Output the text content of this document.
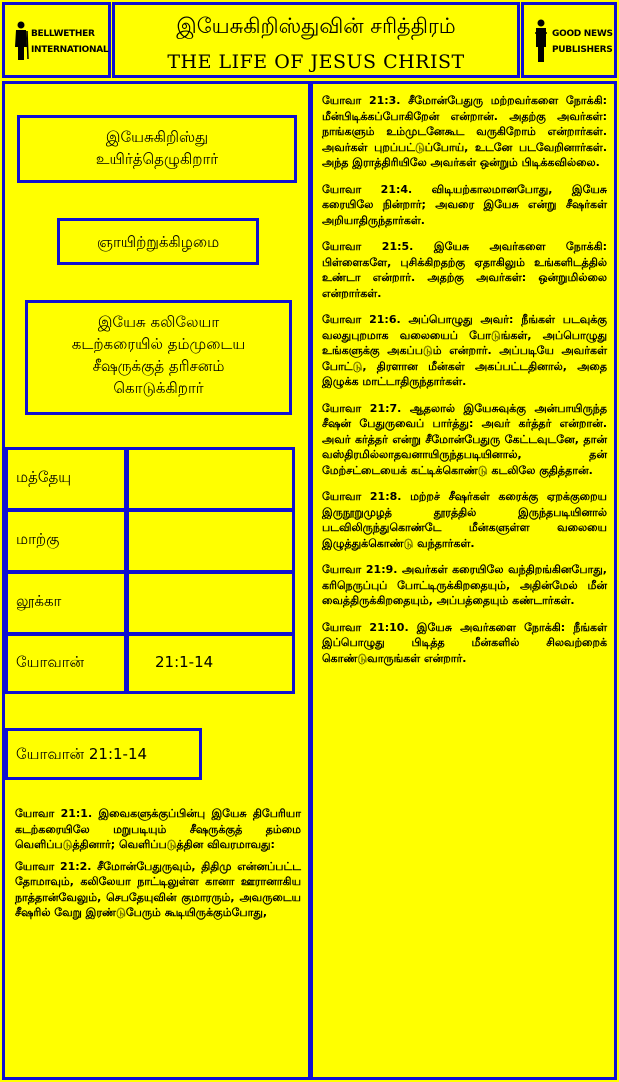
BELLWETHER
INTERNATIONAL
இயேசுகிறிஸ்துவின் சரித்திரம்
THE LIFE OF JESUS CHRIST
GOOD NEWS
PUBLISHERS
இயேசுகிறிஸ்து
உயிர்த்தெழுகிறார்
ஞாயிற்றுக்கிழமை
இயேசு கலிலேயா
கடற்கரையில் தம்முடைய
சீஷருக்குத் தரிசனம்
கொடுக்கிறார்
மத்தேயு
மாற்கு
லூக்கா
யோவான்	21:1-14
யோவான் 21:1-14

யோவா 21:1. இவைகளுக்குப்பின்பு இயேசு திபேரியா கடற்கரையிலே மறுபடியும் சீஷருக்குத் தம்மை வெளிப்படுத்தினார்; வெளிப்படுத்தின விவரமாவது:

யோவா 21:2. சீமோன்பேதுருவும், திதிமு என்னப்பட்ட தோமாவும், கலிலேயா நாட்டிலுள்ள கானா ஊரானாகிய நாத்தான்வேலும், செபதேயுவின் குமாரரும், அவருடைய சீஷரில் வேறு இரண்டுபேரும் கூடியிருக்கும்போது,

யோவா 21:3. சீமோன்பேதுரு மற்றவர்களை நோக்கி: மீன்பிடிக்கப்போகிறேன் என்றான். அதற்கு அவர்கள்: நாங்களும் உம்முடனேகூட வருகிறோம் என்றார்கள். அவர்கள் புறப்பட்டுப்போய், உடனே படவேறினார்கள். அந்த இராத்திரியிலே அவர்கள் ஒன்றும் பிடிக்கவில்லை.

யோவா 21:4. விடியற்காலமானபோது, இயேசு கரையிலே நின்றார்; அவரை இயேசு என்று சீஷர்கள் அறியாதிருந்தார்கள்.

யோவா 21:5. இயேசு அவர்களை நோக்கி: பிள்ளைகளே, புசிக்கிறதற்கு ஏதாகிலும் உங்களிடத்தில் உண்டா என்றார். அதற்கு அவர்கள்: ஒன்றுமில்லை என்றார்கள்.

யோவா 21:6. அப்பொழுது அவர்: நீங்கள் படவுக்கு வலதுபுறமாக வலையைப் போடுங்கள், அப்பொழுது உங்களுக்கு அகப்படும் என்றார். அப்படியே அவர்கள் போட்டு, திரளான மீன்கள் அகப்பட்டதினால், அதை இழுக்க மாட்டாதிருந்தார்கள்.

யோவா 21:7. ஆதலால் இயேசுவுக்கு அன்பாயிருந்த சீஷன் பேதுருவைப் பார்த்து: அவர் கர்த்தர் என்றான். அவர் கர்த்தர் என்று சீமோன்பேதுரு கேட்டவுடனே, தான் வஸ்திரமில்லாதவனாயிருந்தபடியினால், தன் மேற்சட்டையைக் கட்டிக்கொண்டு கடலிலே குதித்தான்.

யோவா 21:8. மற்றச் சீஷர்கள் கரைக்கு ஏறக்குறைய இருநூறுமுழத் தூரத்தில் இருந்தபடியினால் படவிலிருந்துகொண்டே மீன்களுள்ள வலையை இழுத்துக்கொண்டு வந்தார்கள்.

யோவா 21:9. அவர்கள் கரையிலே வந்திறங்கினபோது, கரிநெருப்புப் போட்டிருக்கிறதையும், அதின்மேல் மீன் வைத்திருக்கிறதையும், அப்பத்தையும் கண்டார்கள்.

யோவா 21:10. இயேசு அவர்களை நோக்கி: நீங்கள் இப்பொழுது பிடித்த மீன்களில் சிலவற்றைக் கொண்டுவாருங்கள் என்றார்.
